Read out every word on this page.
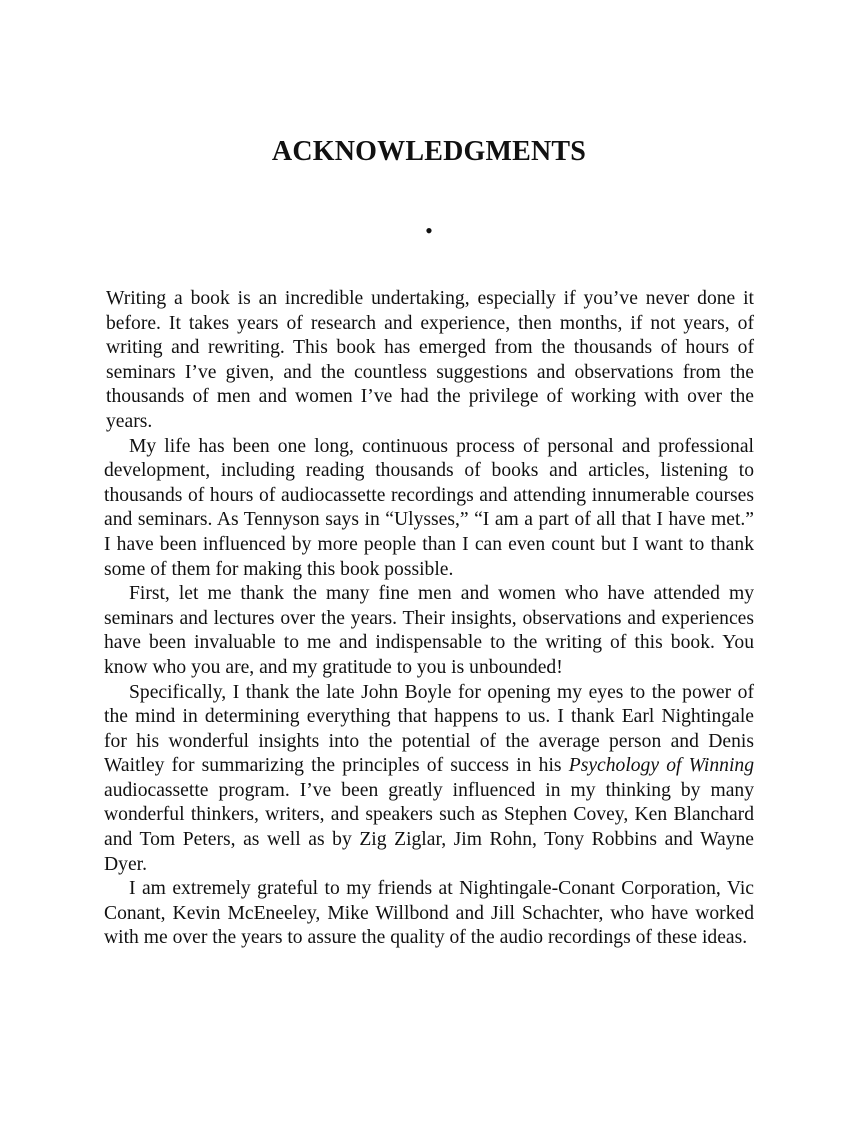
ACKNOWLEDGMENTS
•

Writing a book is an incredible undertaking, especially if you’ve never done it before. It takes years of research and experience, then months, if not years, of writing and rewriting. This book has emerged from the thousands of hours of seminars I’ve given, and the countless suggestions and observations from the thousands of men and women I’ve had the privilege of working with over the years.

My life has been one long, continuous process of personal and professional development, including reading thousands of books and articles, listening to thousands of hours of audiocassette recordings and attending innumerable courses and seminars. As Tennyson says in “Ulysses,” “I am a part of all that I have met.” I have been influenced by more people than I can even count but I want to thank some of them for making this book possible.

First, let me thank the many fine men and women who have attended my seminars and lectures over the years. Their insights, observations and experiences have been invaluable to me and indispensable to the writing of this book. You know who you are, and my gratitude to you is unbounded!

Specifically, I thank the late John Boyle for opening my eyes to the power of the mind in determining everything that happens to us. I thank Earl Nightingale for his wonderful insights into the potential of the average person and Denis Waitley for summarizing the principles of success in his Psychology of Winning audiocassette program. I’ve been greatly influenced in my thinking by many wonderful thinkers, writers, and speakers such as Stephen Covey, Ken Blanchard and Tom Peters, as well as by Zig Ziglar, Jim Rohn, Tony Robbins and Wayne Dyer.

I am extremely grateful to my friends at Nightingale-Conant Corporation, Vic Conant, Kevin McEneeley, Mike Willbond and Jill Schachter, who have worked with me over the years to assure the quality of the audio recordings of these ideas.
